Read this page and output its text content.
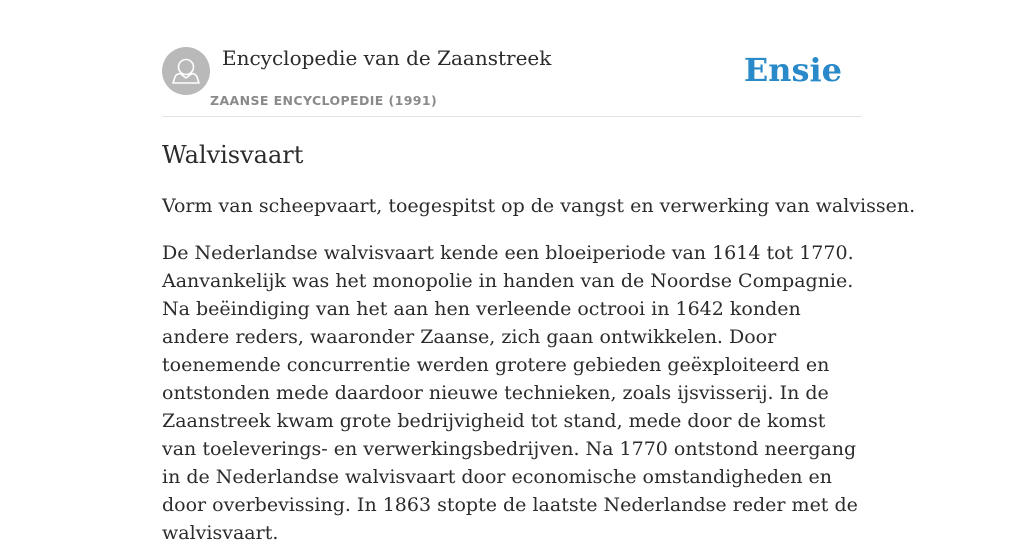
Encyclopedie van de Zaanstreek
ZAANSE ENCYCLOPEDIE (1991)
Ensie
Walvisvaart

Vorm van scheepvaart, toegespitst op de vangst en verwerking van walvissen.

De Nederlandse walvisvaart kende een bloeiperiode van 1614 tot 1770. Aanvankelijk was het monopolie in handen van de Noordse Compagnie. Na beëindiging van het aan hen verleende octrooi in 1642 konden andere reders, waaronder Zaanse, zich gaan ontwikkelen. Door toenemende concurrentie werden grotere gebieden geëxploiteerd en ontstonden mede daardoor nieuwe technieken, zoals ijsvisserij. In de Zaanstreek kwam grote bedrijvigheid tot stand, mede door de komst van toeleverings- en verwerkingsbedrijven. Na 1770 ontstond neergang in de Nederlandse walvisvaart door economische omstandigheden en door overbevissing. In 1863 stopte de laatste Nederlandse reder met de walvisvaart.
